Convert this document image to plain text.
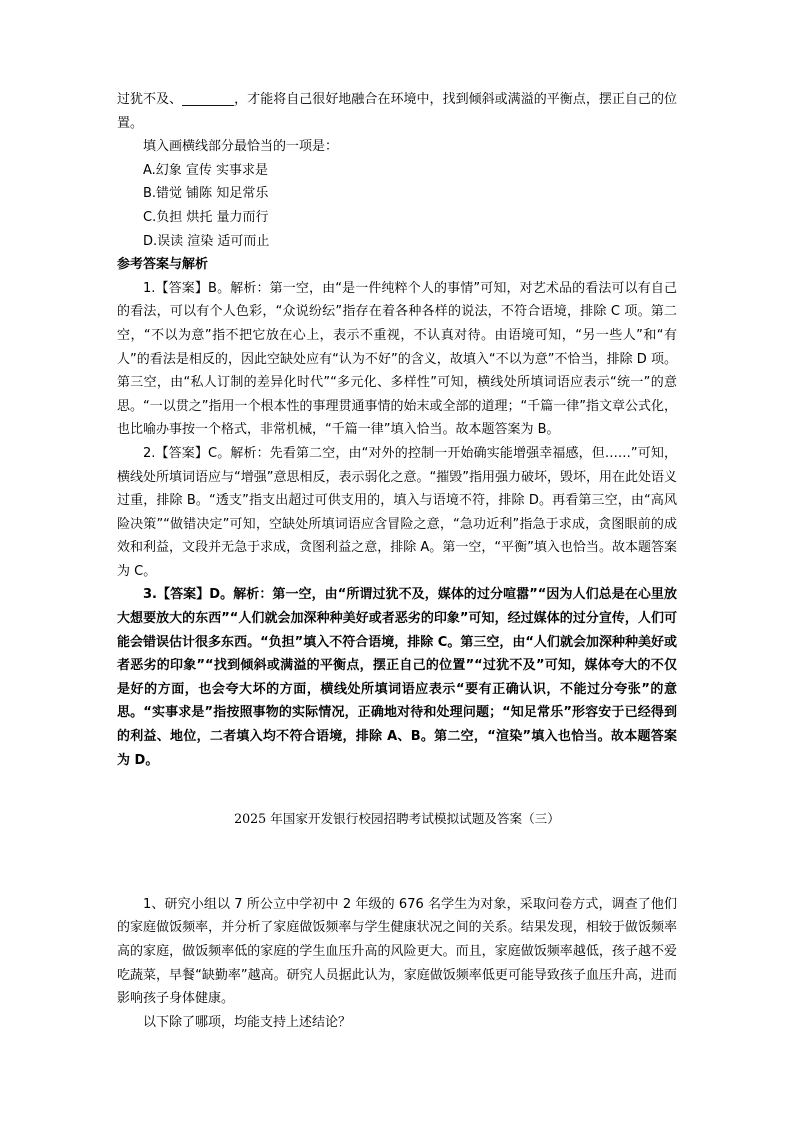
过犹不及、________，才能将自己很好地融合在环境中，找到倾斜或满溢的平衡点，摆正自己的位置。

填入画横线部分最恰当的一项是：

A.幻象 宣传 实事求是

B.错觉 铺陈 知足常乐

C.负担 烘托 量力而行

D.误读 渲染 适可而止

参考答案与解析

1.【答案】B。解析：第一空，由“是一件纯粹个人的事情”可知，对艺术品的看法可以有自己的看法，可以有个人色彩，“众说纷纭”指存在着各种各样的说法，不符合语境，排除 C 项。第二空，“不以为意”指不把它放在心上，表示不重视，不认真对待。由语境可知，“另一些人”和“有人”的看法是相反的，因此空缺处应有“认为不好”的含义，故填入“不以为意”不恰当，排除 D 项。第三空，由“私人订制的差异化时代”“多元化、多样性”可知，横线处所填词语应表示“统一”的意思。“一以贯之”指用一个根本性的事理贯通事情的始末或全部的道理；“千篇一律”指文章公式化，也比喻办事按一个格式，非常机械，“千篇一律”填入恰当。故本题答案为 B。

2.【答案】C。解析：先看第二空，由“对外的控制一开始确实能增强幸福感，但……”可知，横线处所填词语应与“增强”意思相反，表示弱化之意。“摧毁”指用强力破坏，毁坏，用在此处语义过重，排除 B。“透支”指支出超过可供支用的，填入与语境不符，排除 D。再看第三空，由“高风险决策”“做错决定”可知，空缺处所填词语应含冒险之意，“急功近利”指急于求成，贪图眼前的成效和利益，文段并无急于求成，贪图利益之意，排除 A。第一空，“平衡”填入也恰当。故本题答案为 C。

3.【答案】D。解析：第一空，由“所谓过犹不及，媒体的过分喧嚣”“因为人们总是在心里放大想要放大的东西”“人们就会加深种种美好或者恶劣的印象”可知，经过媒体的过分宣传，人们可能会错误估计很多东西。“负担”填入不符合语境，排除 C。第三空，由“人们就会加深种种美好或者恶劣的印象”“找到倾斜或满溢的平衡点，摆正自己的位置”“过犹不及”可知，媒体夸大的不仅是好的方面，也会夸大坏的方面，横线处所填词语应表示“要有正确认识，不能过分夸张”的意思。“实事求是”指按照事物的实际情况，正确地对待和处理问题；“知足常乐”形容安于已经得到的利益、地位，二者填入均不符合语境，排除 A、B。第二空，“渲染”填入也恰当。故本题答案为 D。

2025 年国家开发银行校园招聘考试模拟试题及答案（三）

1、研究小组以 7 所公立中学初中 2 年级的 676 名学生为对象，采取问卷方式，调查了他们的家庭做饭频率，并分析了家庭做饭频率与学生健康状况之间的关系。结果发现，相较于做饭频率高的家庭，做饭频率低的家庭的学生血压升高的风险更大。而且，家庭做饭频率越低，孩子越不爱吃蔬菜，早餐“缺勤率”越高。研究人员据此认为，家庭做饭频率低更可能导致孩子血压升高，进而影响孩子身体健康。

以下除了哪项，均能支持上述结论？
